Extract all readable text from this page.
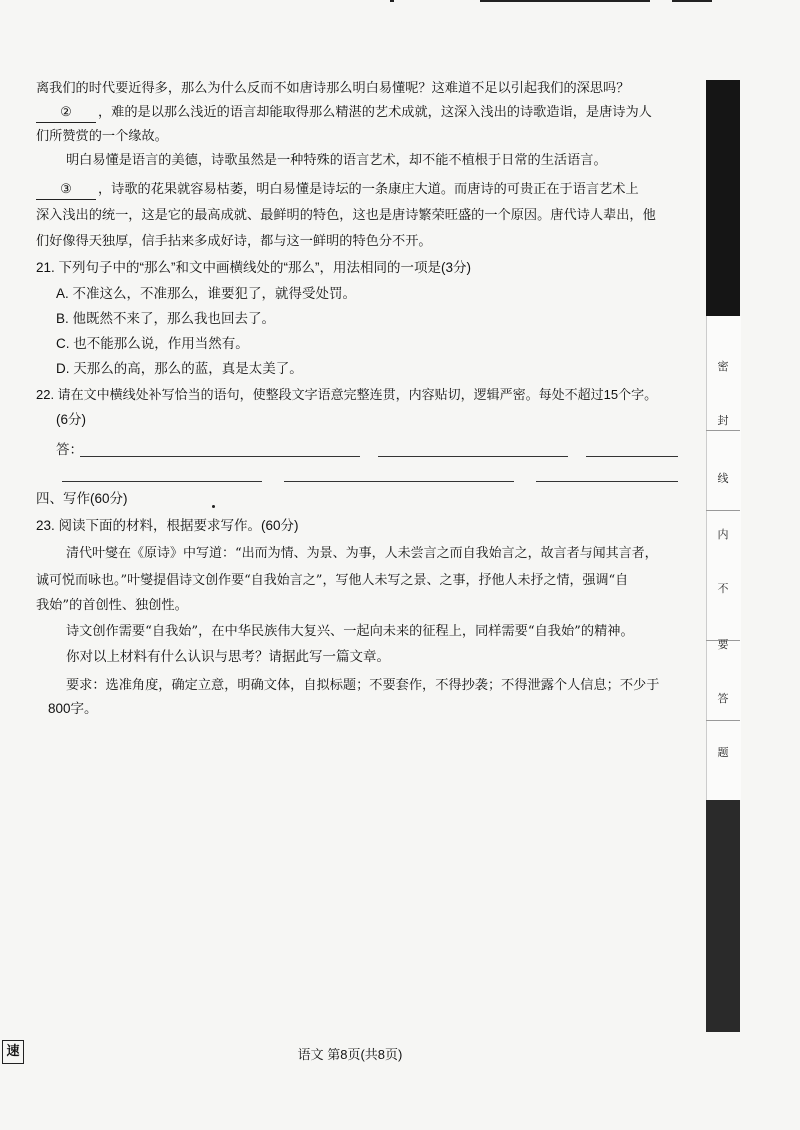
离我们的时代要近得多，那么为什么反而不如唐诗那么明白易懂呢？这难道不足以引起我们的深思吗？
② ，难的是以那么浅近的语言却能取得那么精湛的艺术成就，这深入浅出的诗歌造诣，是唐诗为人
们所赞赏的一个缘故。
明白易懂是语言的美德，诗歌虽然是一种特殊的语言艺术，却不能不植根于日常的生活语言。
③ ，诗歌的花果就容易枯萎，明白易懂是诗坛的一条康庄大道。而唐诗的可贵正在于语言艺术上
深入浅出的统一，这是它的最高成就、最鲜明的特色，这也是唐诗繁荣旺盛的一个原因。唐代诗人辈出，他
们好像得天独厚，信手拈来多成好诗，都与这一鲜明的特色分不开。
21. 下列句子中的“那么”和文中画横线处的“那么”，用法相同的一项是(3分)
A. 不准这么，不准那么，谁要犯了，就得受处罚。
B. 他既然不来了，那么我也回去了。
C. 也不能那么说，作用当然有。
D. 天那么的高，那么的蓝，真是太美了。
22. 请在文中横线处补写恰当的语句，使整段文字语意完整连贯，内容贴切，逻辑严密。每处不超过15个字。
(6分)
答：
四、写作(60分)
23. 阅读下面的材料，根据要求写作。(60分)
清代叶燮在《原诗》中写道：“出而为情、为景、为事，人未尝言之而自我始言之，故言者与闻其言者，
诚可悦而咏也。”叶燮提倡诗文创作要“自我始言之”，写他人未写之景、之事，抒他人未抒之情，强调“自
我始”的首创性、独创性。
诗文创作需要“自我始”，在中华民族伟大复兴、一起向未来的征程上，同样需要“自我始”的精神。
你对以上材料有什么认识与思考？请据此写一篇文章。
要求：选准角度，确定立意，明确文体，自拟标题；不要套作，不得抄袭；不得泄露个人信息；不少于
800字。
语文 第8页(共8页)
密
封
线
内
不
要
答
题
速
